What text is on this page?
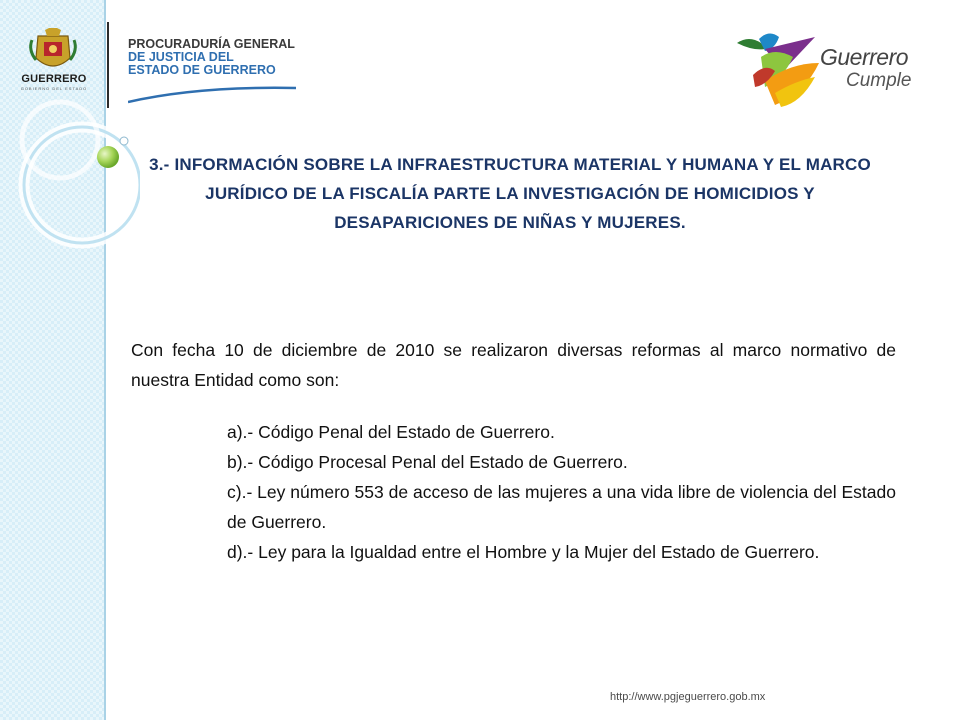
GUERRERO
GOBIERNO DEL ESTADO
PROCURADURÍA GENERAL
DE JUSTICIA DEL
ESTADO DE GUERRERO	Guerrero
Cumple
3.- INFORMACIÓN SOBRE LA INFRAESTRUCTURA MATERIAL Y HUMANA Y EL MARCO JURÍDICO DE LA FISCALÍA PARTE LA INVESTIGACIÓN DE HOMICIDIOS Y DESAPARICIONES DE NIÑAS Y MUJERES.

Con fecha 10 de diciembre de 2010 se realizaron diversas reformas al marco normativo de nuestra Entidad como son:

a).- Código Penal del Estado de Guerrero.

b).- Código Procesal Penal del Estado de Guerrero.

c).- Ley número 553 de acceso de las mujeres a una vida libre de violencia del Estado de Guerrero.

d).- Ley para la Igualdad entre el Hombre y la Mujer del Estado de Guerrero.

http://www.pgjeguerrero.gob.mx
